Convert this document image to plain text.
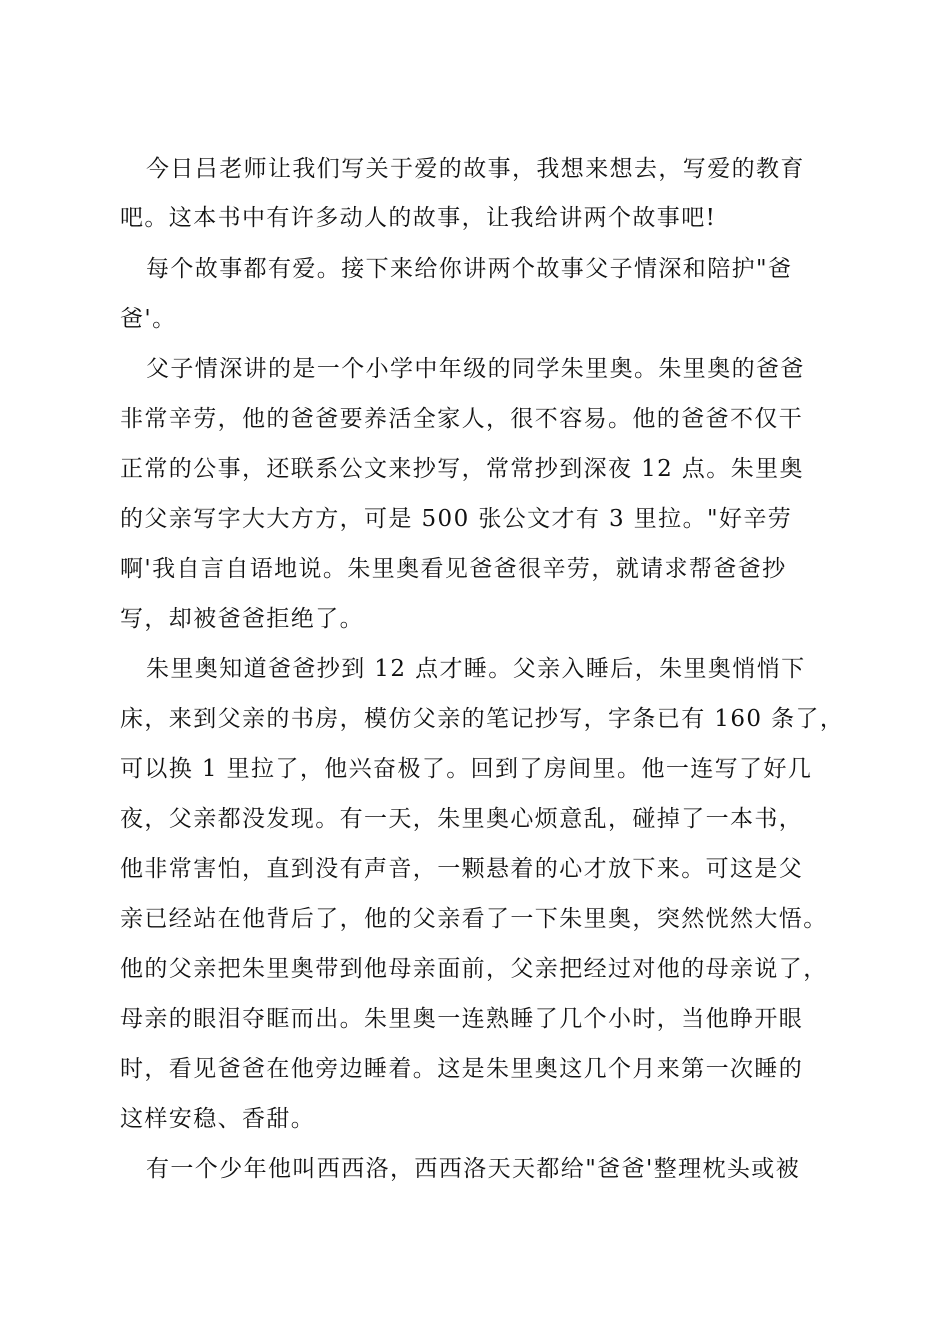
今日吕老师让我们写关于爱的故事，我想来想去，写爱的教育

吧。这本书中有许多动人的故事，让我给讲两个故事吧!

每个故事都有爱。接下来给你讲两个故事父子情深和陪护"爸

爸'。

父子情深讲的是一个小学中年级的同学朱里奥。朱里奥的爸爸

非常辛劳，他的爸爸要养活全家人，很不容易。他的爸爸不仅干

正常的公事，还联系公文来抄写，常常抄到深夜 12 点。朱里奥

的父亲写字大大方方，可是 500 张公文才有 3 里拉。"好辛劳

啊'我自言自语地说。朱里奥看见爸爸很辛劳，就请求帮爸爸抄

写，却被爸爸拒绝了。

朱里奥知道爸爸抄到 12 点才睡。父亲入睡后，朱里奥悄悄下

床，来到父亲的书房，模仿父亲的笔记抄写，字条已有 160 条了，

可以换 1 里拉了，他兴奋极了。回到了房间里。他一连写了好几

夜，父亲都没发现。有一天，朱里奥心烦意乱，碰掉了一本书，

他非常害怕，直到没有声音，一颗悬着的心才放下来。可这是父

亲已经站在他背后了，他的父亲看了一下朱里奥，突然恍然大悟。

他的父亲把朱里奥带到他母亲面前，父亲把经过对他的母亲说了，

母亲的眼泪夺眶而出。朱里奥一连熟睡了几个小时，当他睁开眼

时，看见爸爸在他旁边睡着。这是朱里奥这几个月来第一次睡的

这样安稳、香甜。

有一个少年他叫西西洛，西西洛天天都给"爸爸'整理枕头或被
